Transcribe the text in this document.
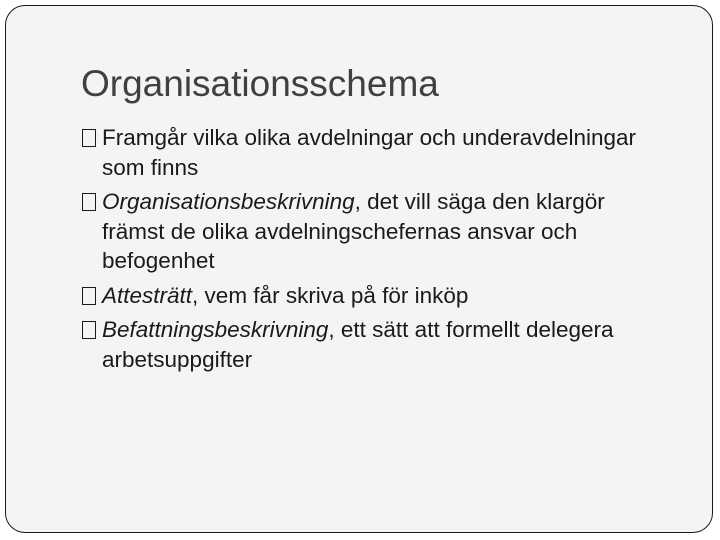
Organisationsschema
Framgår vilka olika avdelningar och underavdelningar som finns
Organisationsbeskrivning, det vill säga den klargör främst de olika avdelningschefernas ansvar och befogenhet
Attesträtt, vem får skriva på för inköp
Befattningsbeskrivning, ett sätt att formellt delegera arbetsuppgifter
